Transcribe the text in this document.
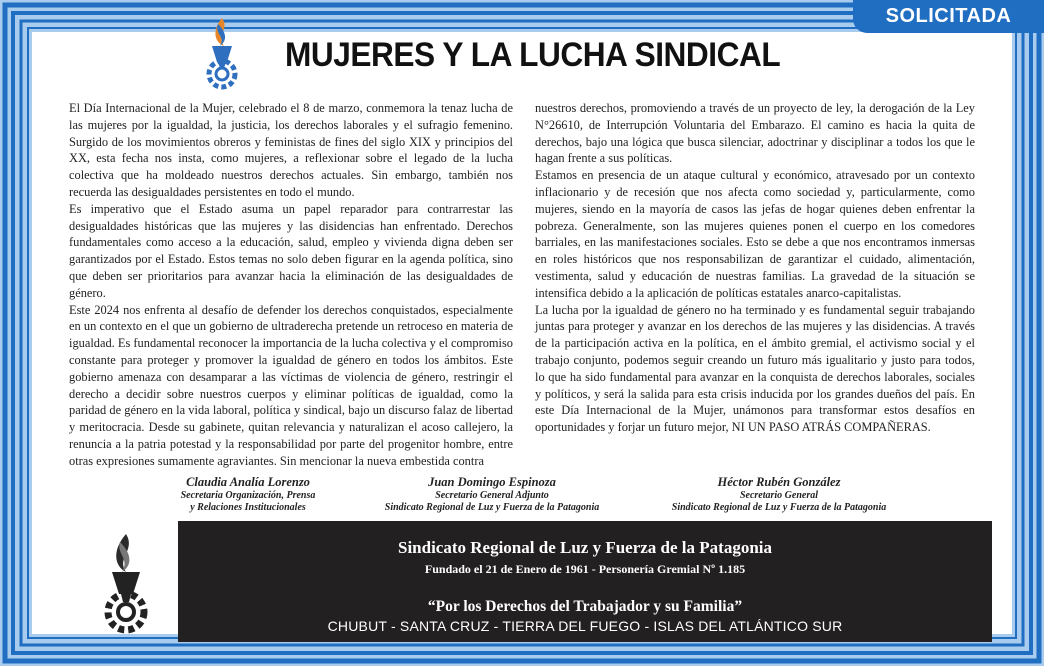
SOLICITADA
MUJERES Y LA LUCHA SINDICAL

El Día Internacional de la Mujer, celebrado el 8 de marzo, conmemora la tenaz lucha de las mujeres por la igualdad, la justicia, los derechos laborales y el sufragio femenino. Surgido de los movimientos obreros y feministas de fines del siglo XIX y principios del XX, esta fecha nos insta, como mujeres, a reflexionar sobre el legado de la lucha colectiva que ha moldeado nuestros derechos actuales. Sin embargo, también nos recuerda las desigualdades persistentes en todo el mundo.

Es imperativo que el Estado asuma un papel reparador para contrarrestar las desigualdades históricas que las mujeres y las disidencias han enfrentado. Derechos fundamentales como acceso a la educación, salud, empleo y vivienda digna deben ser garantizados por el Estado. Estos temas no solo deben figurar en la agenda política, sino que deben ser prioritarios para avanzar hacia la eliminación de las desigualdades de género.

Este 2024 nos enfrenta al desafío de defender los derechos conquistados, especialmente en un contexto en el que un gobierno de ultraderecha pretende un retroceso en materia de igualdad. Es fundamental reconocer la importancia de la lucha colectiva y el compromiso constante para proteger y promover la igualdad de género en todos los ámbitos. Este gobierno amenaza con desamparar a las víctimas de violencia de género, restringir el derecho a decidir sobre nuestros cuerpos y eliminar políticas de igualdad, como la paridad de género en la vida laboral, política y sindical, bajo un discurso falaz de libertad y meritocracia. Desde su gabinete, quitan relevancia y naturalizan el acoso callejero, la renuncia a la patria potestad y la responsabilidad por parte del progenitor hombre, entre otras expresiones sumamente agraviantes. Sin mencionar la nueva embestida contra

nuestros derechos, promoviendo a través de un proyecto de ley, la derogación de la Ley N°26610, de Interrupción Voluntaria del Embarazo. El camino es hacia la quita de derechos, bajo una lógica que busca silenciar, adoctrinar y disciplinar a todos los que le hagan frente a sus políticas.

Estamos en presencia de un ataque cultural y económico, atravesado por un contexto inflacionario y de recesión que nos afecta como sociedad y, particularmente, como mujeres, siendo en la mayoría de casos las jefas de hogar quienes deben enfrentar la pobreza. Generalmente, son las mujeres quienes ponen el cuerpo en los comedores barriales, en las manifestaciones sociales. Esto se debe a que nos encontramos inmersas en roles históricos que nos responsabilizan de garantizar el cuidado, alimentación, vestimenta, salud y educación de nuestras familias. La gravedad de la situación se intensifica debido a la aplicación de políticas estatales anarco-capitalistas.

La lucha por la igualdad de género no ha terminado y es fundamental seguir trabajando juntas para proteger y avanzar en los derechos de las mujeres y las disidencias. A través de la participación activa en la política, en el ámbito gremial, el activismo social y el trabajo conjunto, podemos seguir creando un futuro más igualitario y justo para todos, lo que ha sido fundamental para avanzar en la conquista de derechos laborales, sociales y políticos, y será la salida para esta crisis inducida por los grandes dueños del país. En este Día Internacional de la Mujer, unámonos para transformar estos desafíos en oportunidades y forjar un futuro mejor, NI UN PASO ATRÁS COMPAÑERAS.

Claudia Analía Lorenzo
Secretaria Organización, Prensa
y Relaciones Institucionales
Juan Domingo Espinoza
Secretario General Adjunto
Sindicato Regional de Luz y Fuerza de la Patagonia
Héctor Rubén González
Secretario General
Sindicato Regional de Luz y Fuerza de la Patagonia
Sindicato Regional de Luz y Fuerza de la Patagonia
Fundado el 21 de Enero de 1961 - Personería Gremial Nº 1.185
“Por los Derechos del Trabajador y su Familia”
CHUBUT - SANTA CRUZ - TIERRA DEL FUEGO - ISLAS DEL ATLÁNTICO SUR
